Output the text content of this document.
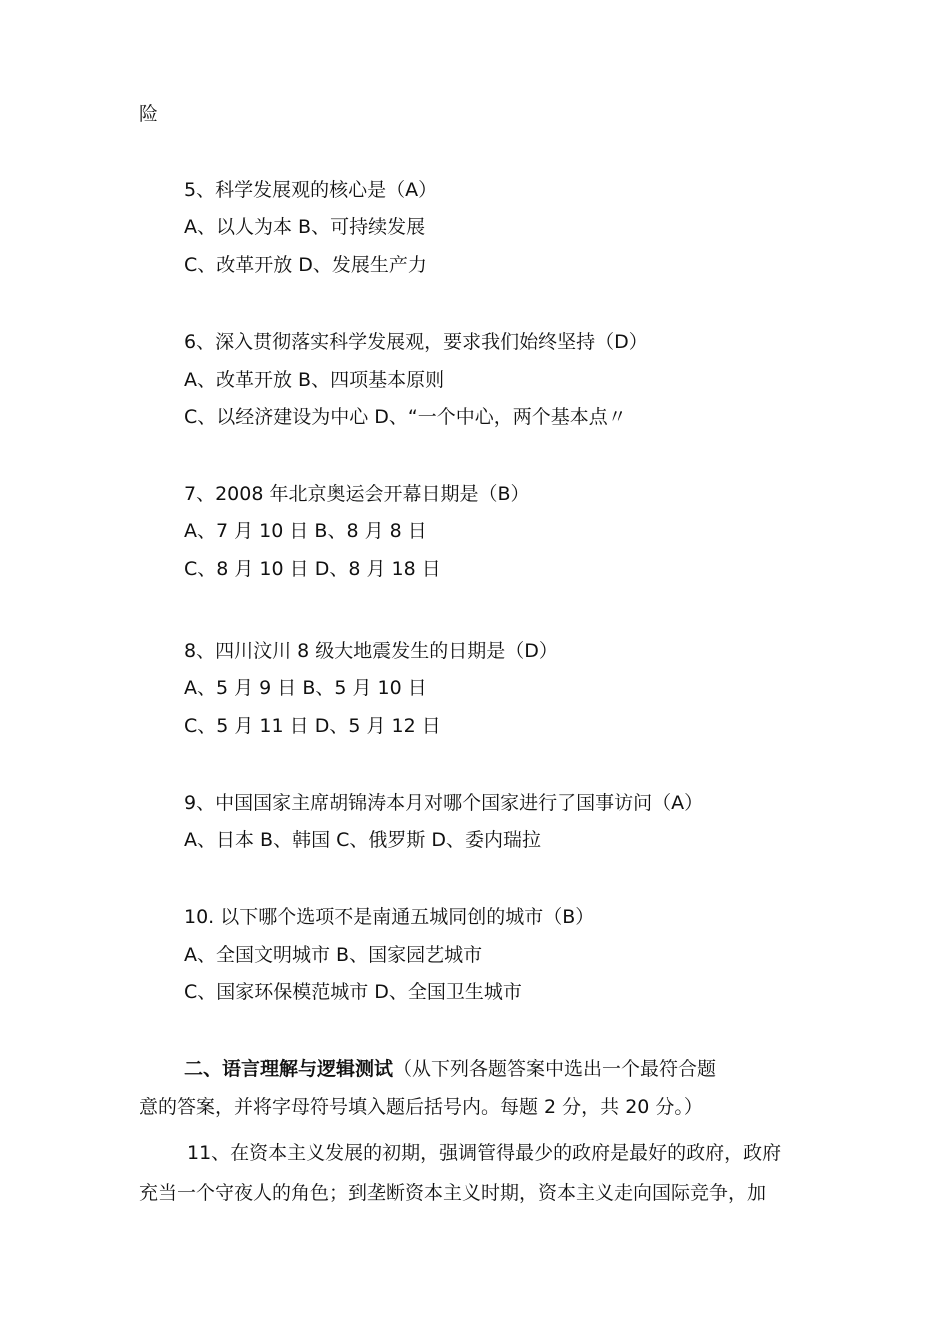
险
5、科学发展观的核心是（A）
A、以人为本 B、可持续发展
C、改革开放 D、发展生产力
6、深入贯彻落实科学发展观，要求我们始终坚持（D）
A、改革开放 B、四项基本原则
C、以经济建设为中心 D、“一个中心，两个基本点〃
7、2008 年北京奥运会开幕日期是（B）
A、7 月 10 日 B、8 月 8 日
C、8 月 10 日 D、8 月 18 日
8、四川汶川 8 级大地震发生的日期是（D）
A、5 月 9 日 B、5 月 10 日
C、5 月 11 日 D、5 月 12 日
9、中国国家主席胡锦涛本月对哪个国家进行了国事访问（A）
A、日本 B、韩国 C、俄罗斯 D、委内瑞拉
10. 以下哪个选项不是南通五城同创的城市（B）
A、全国文明城市 B、国家园艺城市
C、国家环保模范城市 D、全国卫生城市
二、语言理解与逻辑测试（从下列各题答案中选出一个最符合题
意的答案，并将字母符号填入题后括号内。每题 2 分，共 20 分。）
11、在资本主义发展的初期，强调管得最少的政府是最好的政府，政府
充当一个守夜人的角色；到垄断资本主义时期，资本主义走向国际竞争，加
